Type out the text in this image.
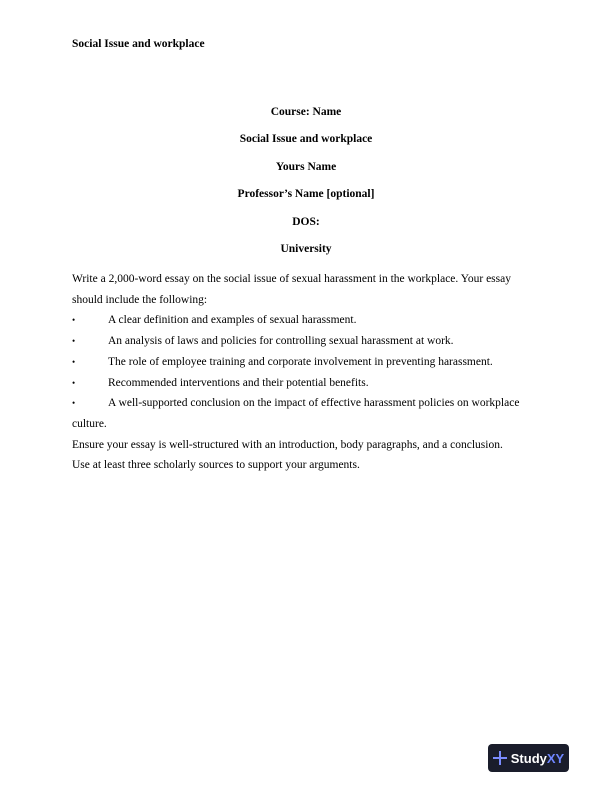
Social Issue and workplace
Course: Name
Social Issue and workplace
Yours Name
Professor’s Name [optional]
DOS:
University

Write a 2,000-word essay on the social issue of sexual harassment in the workplace. Your essay should include the following:

•	A clear definition and examples of sexual harassment.
•	An analysis of laws and policies for controlling sexual harassment at work.
•	The role of employee training and corporate involvement in preventing harassment.
•	Recommended interventions and their potential benefits.
•	A well-supported conclusion on the impact of effective harassment policies on workplace
culture.

Ensure your essay is well-structured with an introduction, body paragraphs, and a conclusion.

Use at least three scholarly sources to support your arguments.

StudyXY
